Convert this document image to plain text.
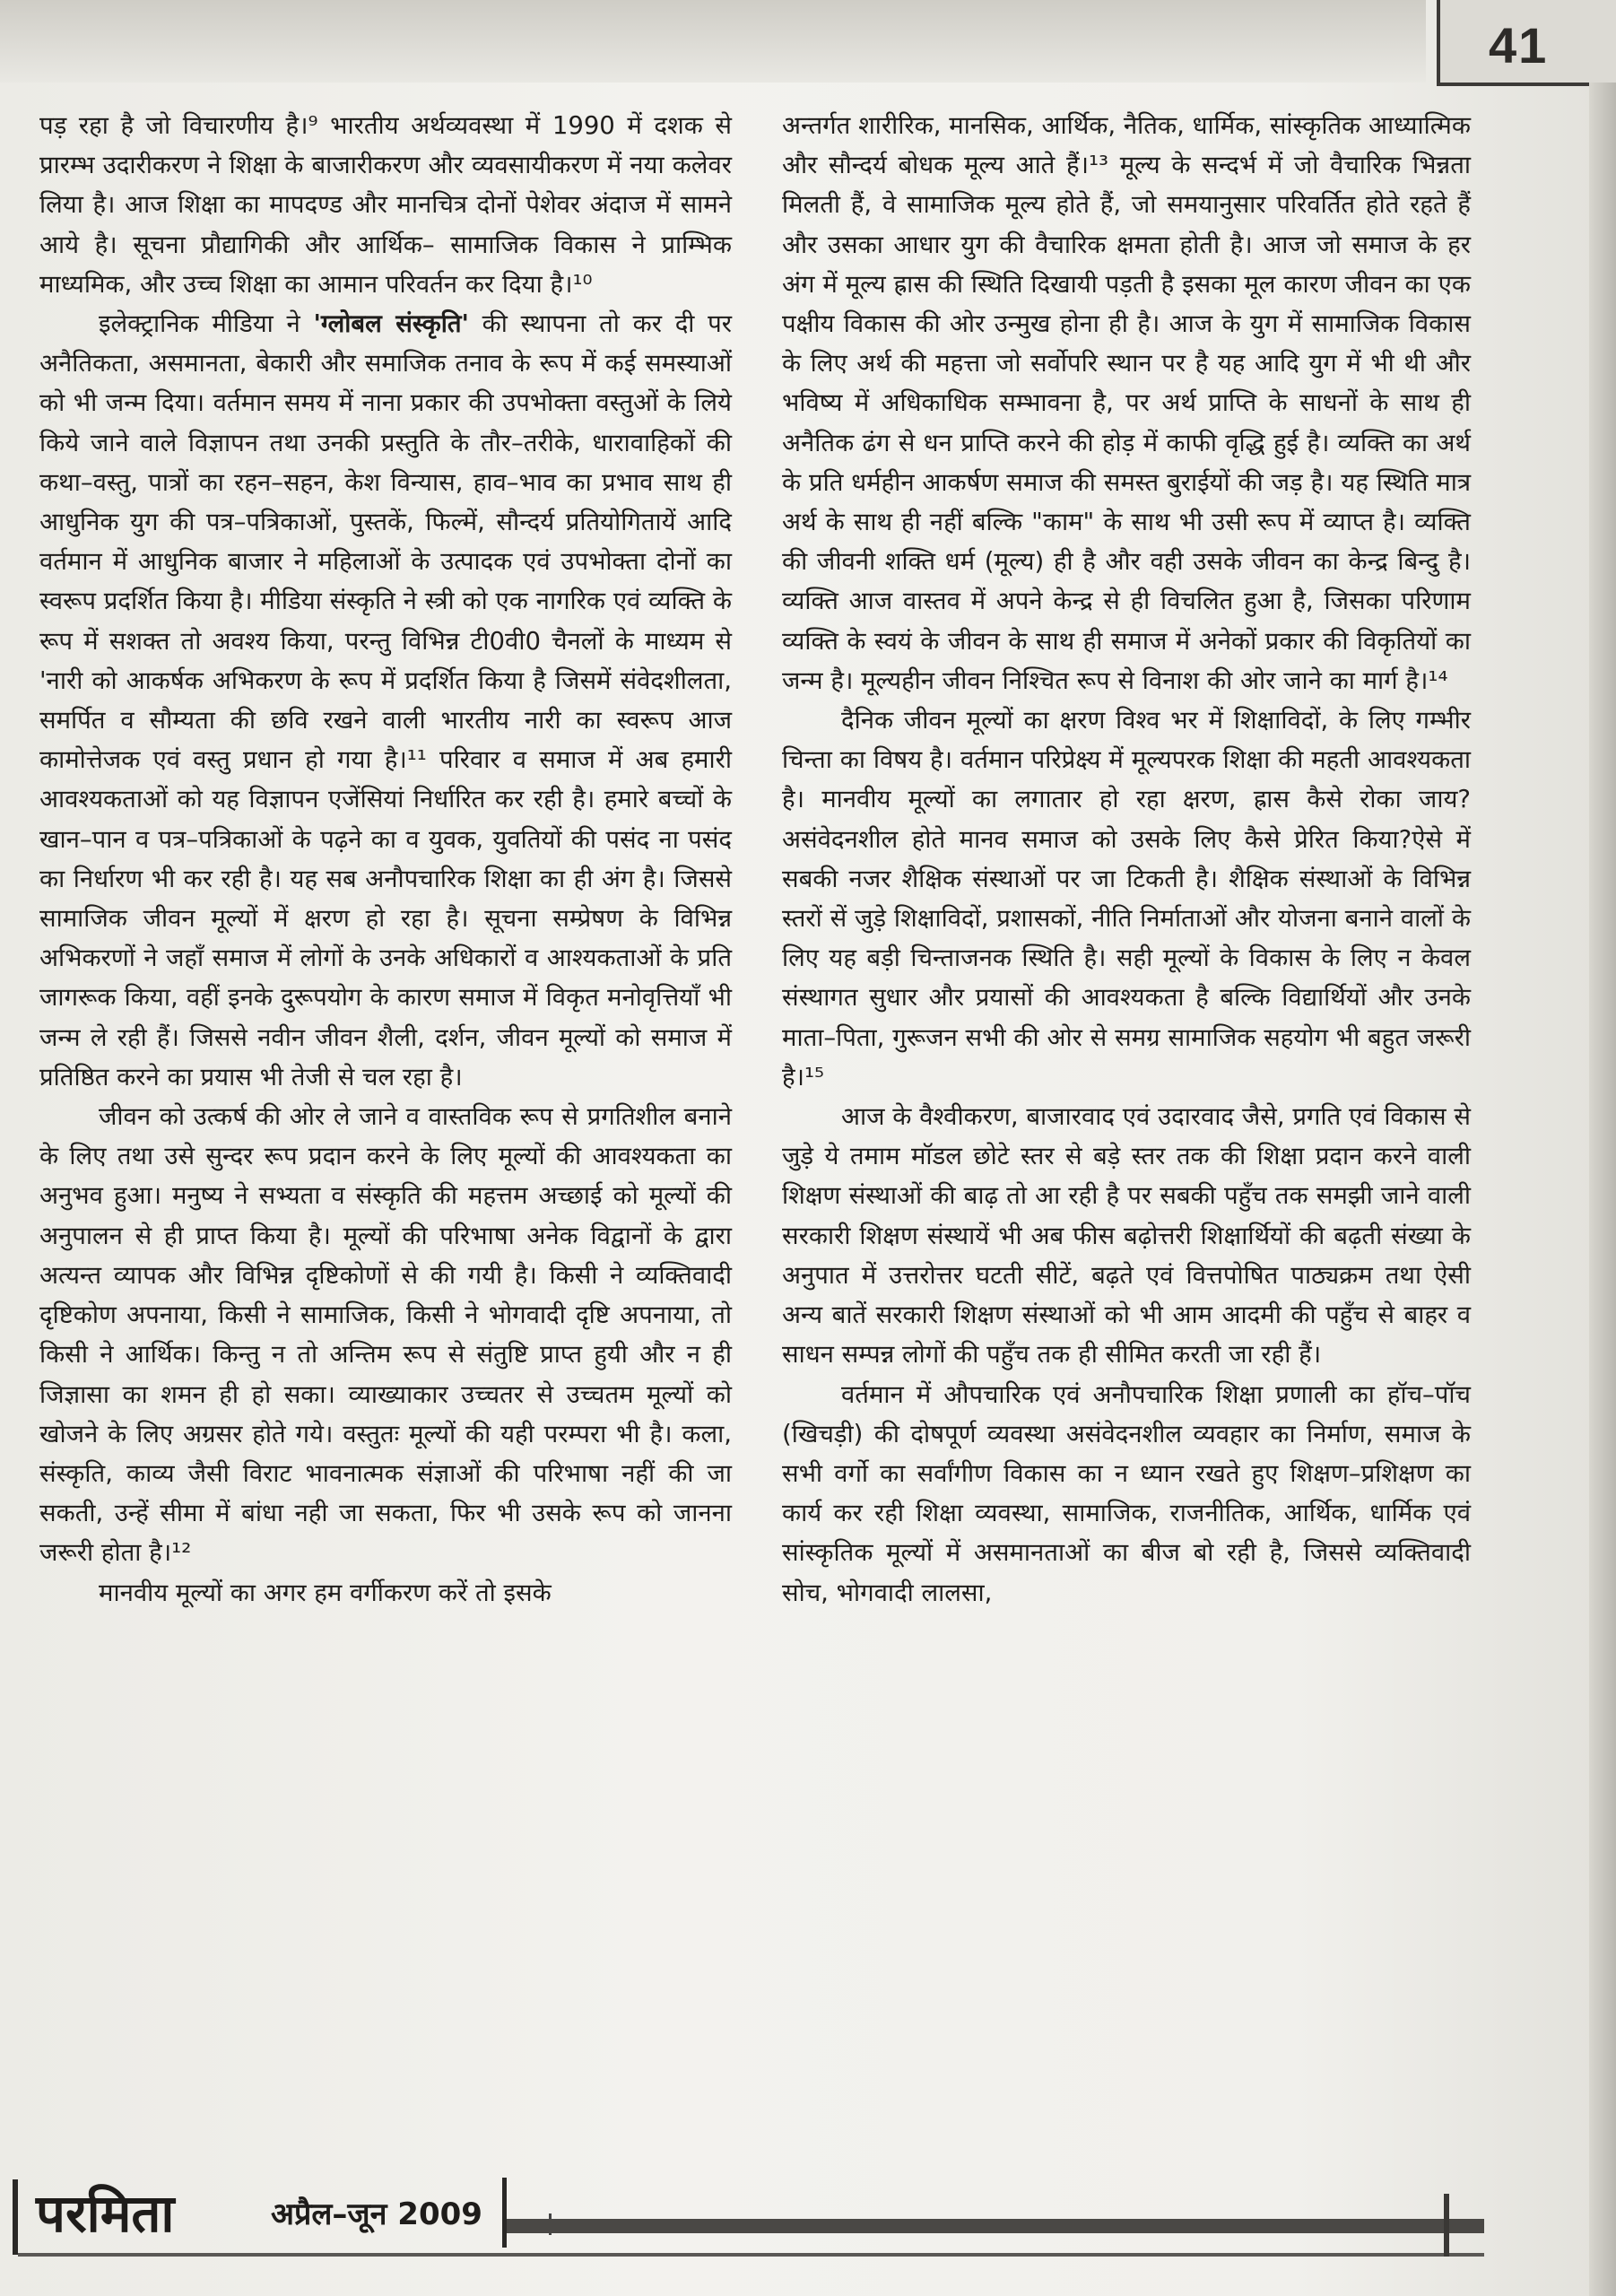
41

पड़ रहा है जो विचारणीय है।⁹ भारतीय अर्थव्यवस्था में 1990 में दशक से प्रारम्भ उदारीकरण ने शिक्षा के बाजारीकरण और व्यवसायीकरण में नया कलेवर लिया है। आज शिक्षा का मापदण्ड और मानचित्र दोनों पेशेवर अंदाज में सामने आये है। सूचना प्रौद्यागिकी और आर्थिक– सामाजिक विकास ने प्राम्भिक माध्यमिक, और उच्च शिक्षा का आमान परिवर्तन कर दिया है।¹⁰

इलेक्ट्रानिक मीडिया ने 'ग्लोबल संस्कृति' की स्थापना तो कर दी पर अनैतिकता, असमानता, बेकारी और समाजिक तनाव के रूप में कई समस्याओं को भी जन्म दिया। वर्तमान समय में नाना प्रकार की उपभोक्ता वस्तुओं के लिये किये जाने वाले विज्ञापन तथा उनकी प्रस्तुति के तौर–तरीके, धारावाहिकों की कथा–वस्तु, पात्रों का रहन–सहन, केश विन्यास, हाव–भाव का प्रभाव साथ ही आधुनिक युग की पत्र–पत्रिकाओं, पुस्तकें, फिल्में, सौन्दर्य प्रतियोगितायें आदि वर्तमान में आधुनिक बाजार ने महिलाओं के उत्पादक एवं उपभोक्ता दोनों का स्वरूप प्रदर्शित किया है। मीडिया संस्कृति ने स्त्री को एक नागरिक एवं व्यक्ति के रूप में सशक्त तो अवश्य किया, परन्तु विभिन्न टी0वी0 चैनलों के माध्यम से 'नारी को आकर्षक अभिकरण के रूप में प्रदर्शित किया है जिसमें संवेदशीलता, समर्पित व सौम्यता की छवि रखने वाली भारतीय नारी का स्वरूप आज कामोत्तेजक एवं वस्तु प्रधान हो गया है।¹¹ परिवार व समाज में अब हमारी आवश्यकताओं को यह विज्ञापन एजेंसियां निर्धारित कर रही है। हमारे बच्चों के खान–पान व पत्र–पत्रिकाओं के पढ़ने का व युवक, युवतियों की पसंद ना पसंद का निर्धारण भी कर रही है। यह सब अनौपचारिक शिक्षा का ही अंग है। जिससे सामाजिक जीवन मूल्यों में क्षरण हो रहा है। सूचना सम्प्रेषण के विभिन्न अभिकरणों ने जहाँ समाज में लोगों के उनके अधिकारों व आश्यकताओं के प्रति जागरूक किया, वहीं इनके दुरूपयोग के कारण समाज में विकृत मनोवृत्तियाँ भी जन्म ले रही हैं। जिससे नवीन जीवन शैली, दर्शन, जीवन मूल्यों को समाज में प्रतिष्ठित करने का प्रयास भी तेजी से चल रहा है।

जीवन को उत्कर्ष की ओर ले जाने व वास्तविक रूप से प्रगतिशील बनाने के लिए तथा उसे सुन्दर रूप प्रदान करने के लिए मूल्यों की आवश्यकता का अनुभव हुआ। मनुष्य ने सभ्यता व संस्कृति की महत्तम अच्छाई को मूल्यों की अनुपालन से ही प्राप्त किया है। मूल्यों की परिभाषा अनेक विद्वानों के द्वारा अत्यन्त व्यापक और विभिन्न दृष्टिकोणों से की गयी है। किसी ने व्यक्तिवादी दृष्टिकोण अपनाया, किसी ने सामाजिक, किसी ने भोगवादी दृष्टि अपनाया, तो किसी ने आर्थिक। किन्तु न तो अन्तिम रूप से संतुष्टि प्राप्त हुयी और न ही जिज्ञासा का शमन ही हो सका। व्याख्याकार उच्चतर से उच्चतम मूल्यों को खोजने के लिए अग्रसर होते गये। वस्तुतः मूल्यों की यही परम्परा भी है। कला, संस्कृति, काव्य जैसी विराट भावनात्मक संज्ञाओं की परिभाषा नहीं की जा सकती, उन्हें सीमा में बांधा नही जा सकता, फिर भी उसके रूप को जानना जरूरी होता है।¹²

मानवीय मूल्यों का अगर हम वर्गीकरण करें तो इसके

अन्तर्गत शारीरिक, मानसिक, आर्थिक, नैतिक, धार्मिक, सांस्कृतिक आध्यात्मिक और सौन्दर्य बोधक मूल्य आते हैं।¹³ मूल्य के सन्दर्भ में जो वैचारिक भिन्नता मिलती हैं, वे सामाजिक मूल्य होते हैं, जो समयानुसार परिवर्तित होते रहते हैं और उसका आधार युग की वैचारिक क्षमता होती है। आज जो समाज के हर अंग में मूल्य ह्रास की स्थिति दिखायी पड़ती है इसका मूल कारण जीवन का एक पक्षीय विकास की ओर उन्मुख होना ही है। आज के युग में सामाजिक विकास के लिए अर्थ की महत्ता जो सर्वोपरि स्थान पर है यह आदि युग में भी थी और भविष्य में अधिकाधिक सम्भावना है, पर अर्थ प्राप्ति के साधनों के साथ ही अनैतिक ढंग से धन प्राप्ति करने की होड़ में काफी वृद्धि हुई है। व्यक्ति का अर्थ के प्रति धर्महीन आकर्षण समाज की समस्त बुराईयों की जड़ है। यह स्थिति मात्र अर्थ के साथ ही नहीं बल्कि "काम" के साथ भी उसी रूप में व्याप्त है। व्यक्ति की जीवनी शक्ति धर्म (मूल्य) ही है और वही उसके जीवन का केन्द्र बिन्दु है। व्यक्ति आज वास्तव में अपने केन्द्र से ही विचलित हुआ है, जिसका परिणाम व्यक्ति के स्वयं के जीवन के साथ ही समाज में अनेकों प्रकार की विकृतियों का जन्म है। मूल्यहीन जीवन निश्चित रूप से विनाश की ओर जाने का मार्ग है।¹⁴

दैनिक जीवन मूल्यों का क्षरण विश्व भर में शिक्षाविदों, के लिए गम्भीर चिन्ता का विषय है। वर्तमान परिप्रेक्ष्य में मूल्यपरक शिक्षा की महती आवश्यकता है। मानवीय मूल्यों का लगातार हो रहा क्षरण, ह्रास कैसे रोका जाय?असंवेदनशील होते मानव समाज को उसके लिए कैसे प्रेरित किया?ऐसे में सबकी नजर शैक्षिक संस्थाओं पर जा टिकती है। शैक्षिक संस्थाओं के विभिन्न स्तरों सें जुड़े शिक्षाविदों, प्रशासकों, नीति निर्माताओं और योजना बनाने वालों के लिए यह बड़ी चिन्ताजनक स्थिति है। सही मूल्यों के विकास के लिए न केवल संस्थागत सुधार और प्रयासों की आवश्यकता है बल्कि विद्यार्थियों और उनके माता–पिता, गुरूजन सभी की ओर से समग्र सामाजिक सहयोग भी बहुत जरूरी है।¹⁵

आज के वैश्वीकरण, बाजारवाद एवं उदारवाद जैसे, प्रगति एवं विकास से जुड़े ये तमाम मॉडल छोटे स्तर से बड़े स्तर तक की शिक्षा प्रदान करने वाली शिक्षण संस्थाओं की बाढ़ तो आ रही है पर सबकी पहुँच तक समझी जाने वाली सरकारी शिक्षण संस्थायें भी अब फीस बढ़ोत्तरी शिक्षार्थियों की बढ़ती संख्या के अनुपात में उत्तरोत्तर घटती सीटें, बढ़ते एवं वित्तपोषित पाठ्यक्रम तथा ऐसी अन्य बातें सरकारी शिक्षण संस्थाओं को भी आम आदमी की पहुँच से बाहर व साधन सम्पन्न लोगों की पहुँच तक ही सीमित करती जा रही हैं।

वर्तमान में औपचारिक एवं अनौपचारिक शिक्षा प्रणाली का हॉच–पॉच (खिचड़ी) की दोषपूर्ण व्यवस्था असंवेदनशील व्यवहार का निर्माण, समाज के सभी वर्गो का सर्वांगीण विकास का न ध्यान रखते हुए शिक्षण–प्रशिक्षण का कार्य कर रही शिक्षा व्यवस्था, सामाजिक, राजनीतिक, आर्थिक, धार्मिक एवं सांस्कृतिक मूल्यों में असमानताओं का बीज बो रही है, जिससे व्यक्तिवादी सोच, भोगवादी लालसा,

परमिता	अप्रैल–जून 2009
